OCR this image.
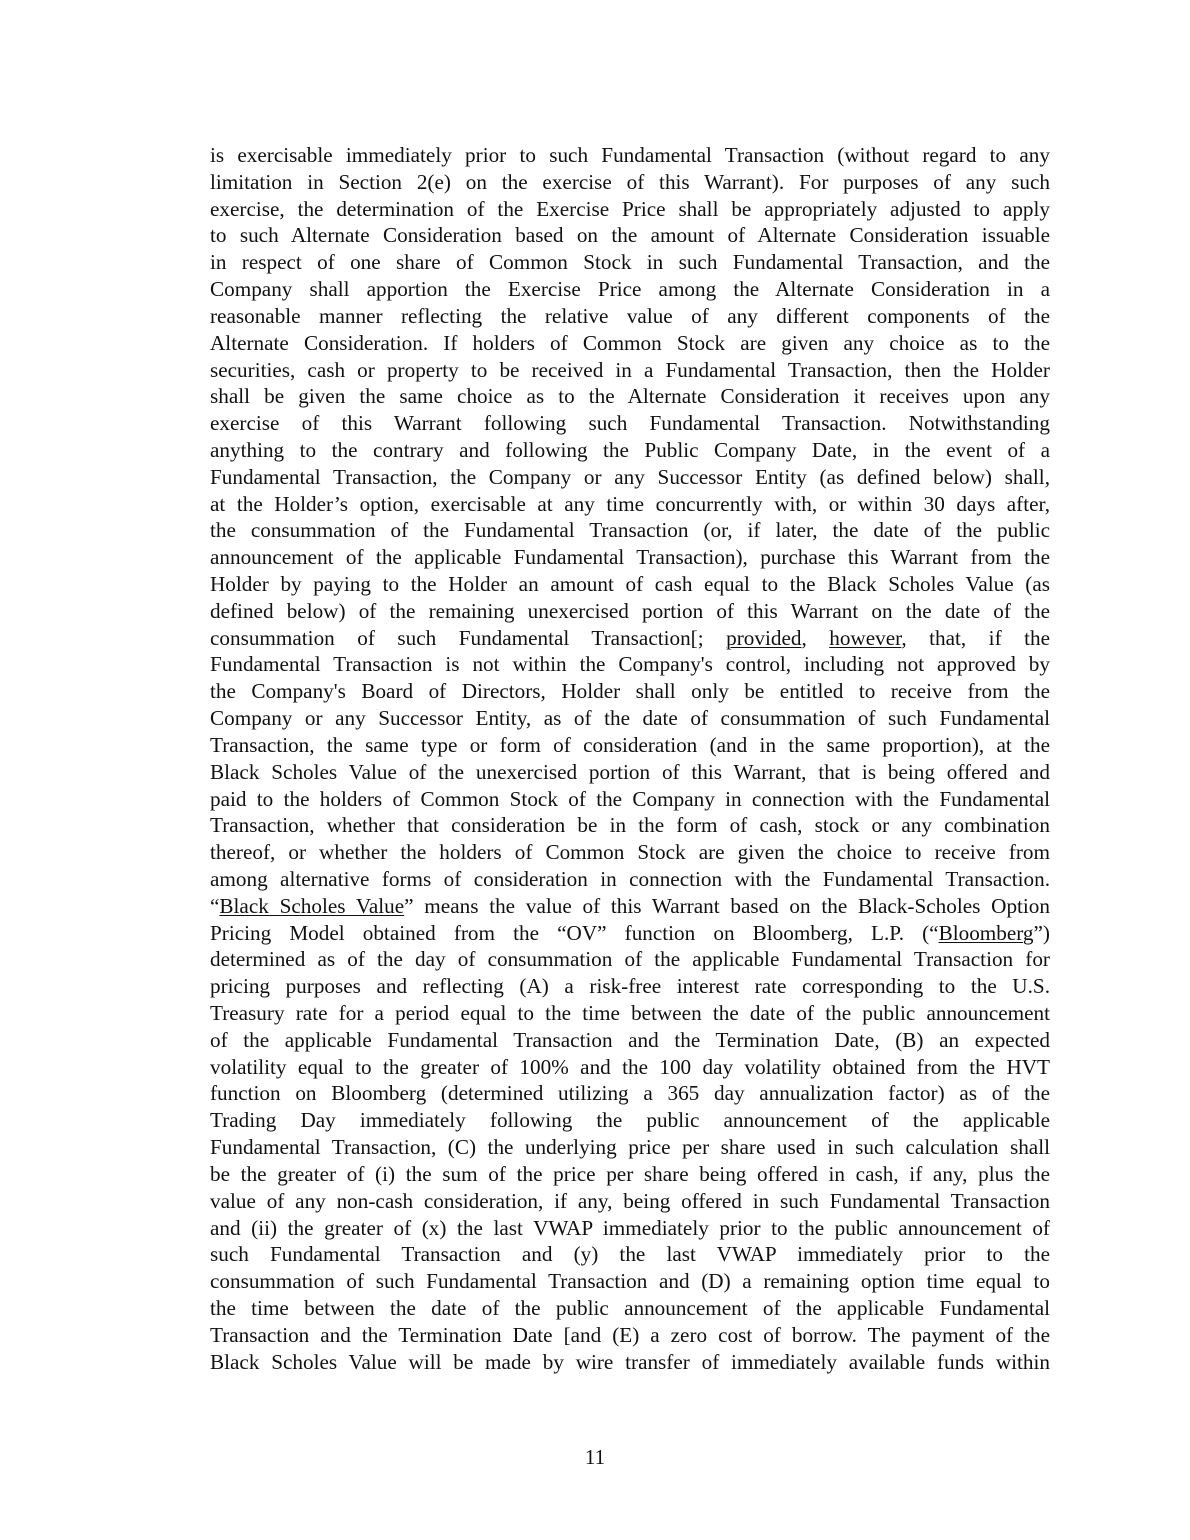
is exercisable immediately prior to such Fundamental Transaction (without regard to any
limitation in Section 2(e) on the exercise of this Warrant). For purposes of any such
exercise, the determination of the Exercise Price shall be appropriately adjusted to apply
to such Alternate Consideration based on the amount of Alternate Consideration issuable
in respect of one share of Common Stock in such Fundamental Transaction, and the
Company shall apportion the Exercise Price among the Alternate Consideration in a
reasonable manner reflecting the relative value of any different components of the
Alternate Consideration. If holders of Common Stock are given any choice as to the
securities, cash or property to be received in a Fundamental Transaction, then the Holder
shall be given the same choice as to the Alternate Consideration it receives upon any
exercise of this Warrant following such Fundamental Transaction. Notwithstanding
anything to the contrary and following the Public Company Date, in the event of a
Fundamental Transaction, the Company or any Successor Entity (as defined below) shall,
at the Holder’s option, exercisable at any time concurrently with, or within 30 days after,
the consummation of the Fundamental Transaction (or, if later, the date of the public
announcement of the applicable Fundamental Transaction), purchase this Warrant from the
Holder by paying to the Holder an amount of cash equal to the Black Scholes Value (as
defined below) of the remaining unexercised portion of this Warrant on the date of the
consummation of such Fundamental Transaction[; provided, however, that, if the
Fundamental Transaction is not within the Company's control, including not approved by
the Company's Board of Directors, Holder shall only be entitled to receive from the
Company or any Successor Entity, as of the date of consummation of such Fundamental
Transaction, the same type or form of consideration (and in the same proportion), at the
Black Scholes Value of the unexercised portion of this Warrant, that is being offered and
paid to the holders of Common Stock of the Company in connection with the Fundamental
Transaction, whether that consideration be in the form of cash, stock or any combination
thereof, or whether the holders of Common Stock are given the choice to receive from
among alternative forms of consideration in connection with the Fundamental Transaction.
“Black Scholes Value” means the value of this Warrant based on the Black-Scholes Option
Pricing Model obtained from the “OV” function on Bloomberg, L.P. (“Bloomberg”)
determined as of the day of consummation of the applicable Fundamental Transaction for
pricing purposes and reflecting (A) a risk-free interest rate corresponding to the U.S.
Treasury rate for a period equal to the time between the date of the public announcement
of the applicable Fundamental Transaction and the Termination Date, (B) an expected
volatility equal to the greater of 100% and the 100 day volatility obtained from the HVT
function on Bloomberg (determined utilizing a 365 day annualization factor) as of the
Trading Day immediately following the public announcement of the applicable
Fundamental Transaction, (C) the underlying price per share used in such calculation shall
be the greater of (i) the sum of the price per share being offered in cash, if any, plus the
value of any non-cash consideration, if any, being offered in such Fundamental Transaction
and (ii) the greater of (x) the last VWAP immediately prior to the public announcement of
such Fundamental Transaction and (y) the last VWAP immediately prior to the
consummation of such Fundamental Transaction and (D) a remaining option time equal to
the time between the date of the public announcement of the applicable Fundamental
Transaction and the Termination Date [and (E) a zero cost of borrow. The payment of the
Black Scholes Value will be made by wire transfer of immediately available funds within
11
